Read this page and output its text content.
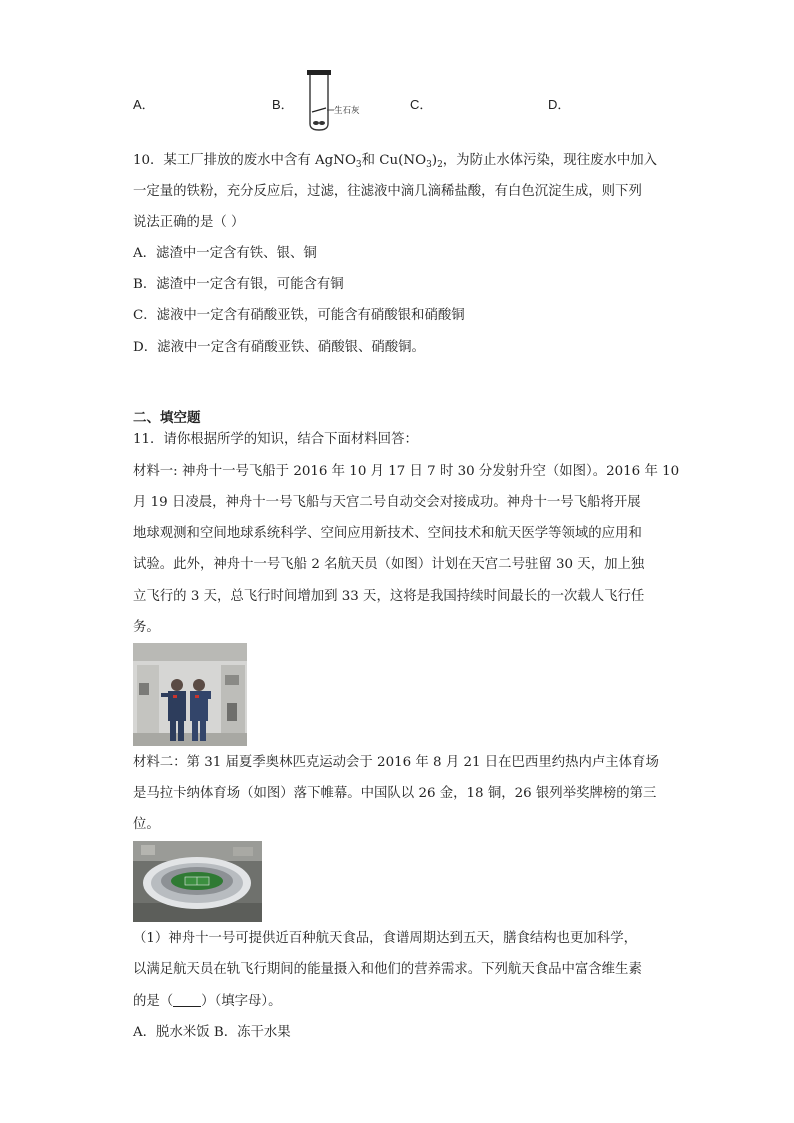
A．	B．	C．	D．
生石灰
10．某工厂排放的废水中含有 AgNO$_3$和 $Cu(NO_3)_2$，为防止水体污染，现往废水中加入
一定量的铁粉，充分反应后，过滤，往滤液中滴几滴稀盐酸，有白色沉淀生成，则下列
说法正确的是（ ）
A．滤渣中一定含有铁、银、铜
B．滤渣中一定含有银，可能含有铜
C．滤液中一定含有硝酸亚铁，可能含有硝酸银和硝酸铜
D．滤液中一定含有硝酸亚铁、硝酸银、硝酸铜。
二、填空题
11．请你根据所学的知识，结合下面材料回答：
材料一: 神舟十一号飞船于 2016 年 10 月 17 日 7 时 30 分发射升空（如图）。2016 年 10
月 19 日凌晨，神舟十一号飞船与天宫二号自动交会对接成功。神舟十一号飞船将开展
地球观测和空间地球系统科学、空间应用新技术、空间技术和航天医学等领域的应用和
试验。此外，神舟十一号飞船 2 名航天员（如图）计划在天宫二号驻留 30 天，加上独
立飞行的 3 天，总飞行时间增加到 33 天，这将是我国持续时间最长的一次载人飞行任
务。
材料二：第 31 届夏季奥林匹克运动会于 2016 年 8 月 21 日在巴西里约热内卢主体育场
是马拉卡纳体育场（如图）落下帷幕。中国队以 26 金，18 铜，26 银列举奖牌榜的第三
位。
（1）神舟十一号可提供近百种航天食品，食谱周期达到五天，膳食结构也更加科学，
以满足航天员在轨飞行期间的能量摄入和他们的营养需求。下列航天食品中富含维生素
的是（ ）（填字母）。
A．脱水米饭 B．冻干水果
